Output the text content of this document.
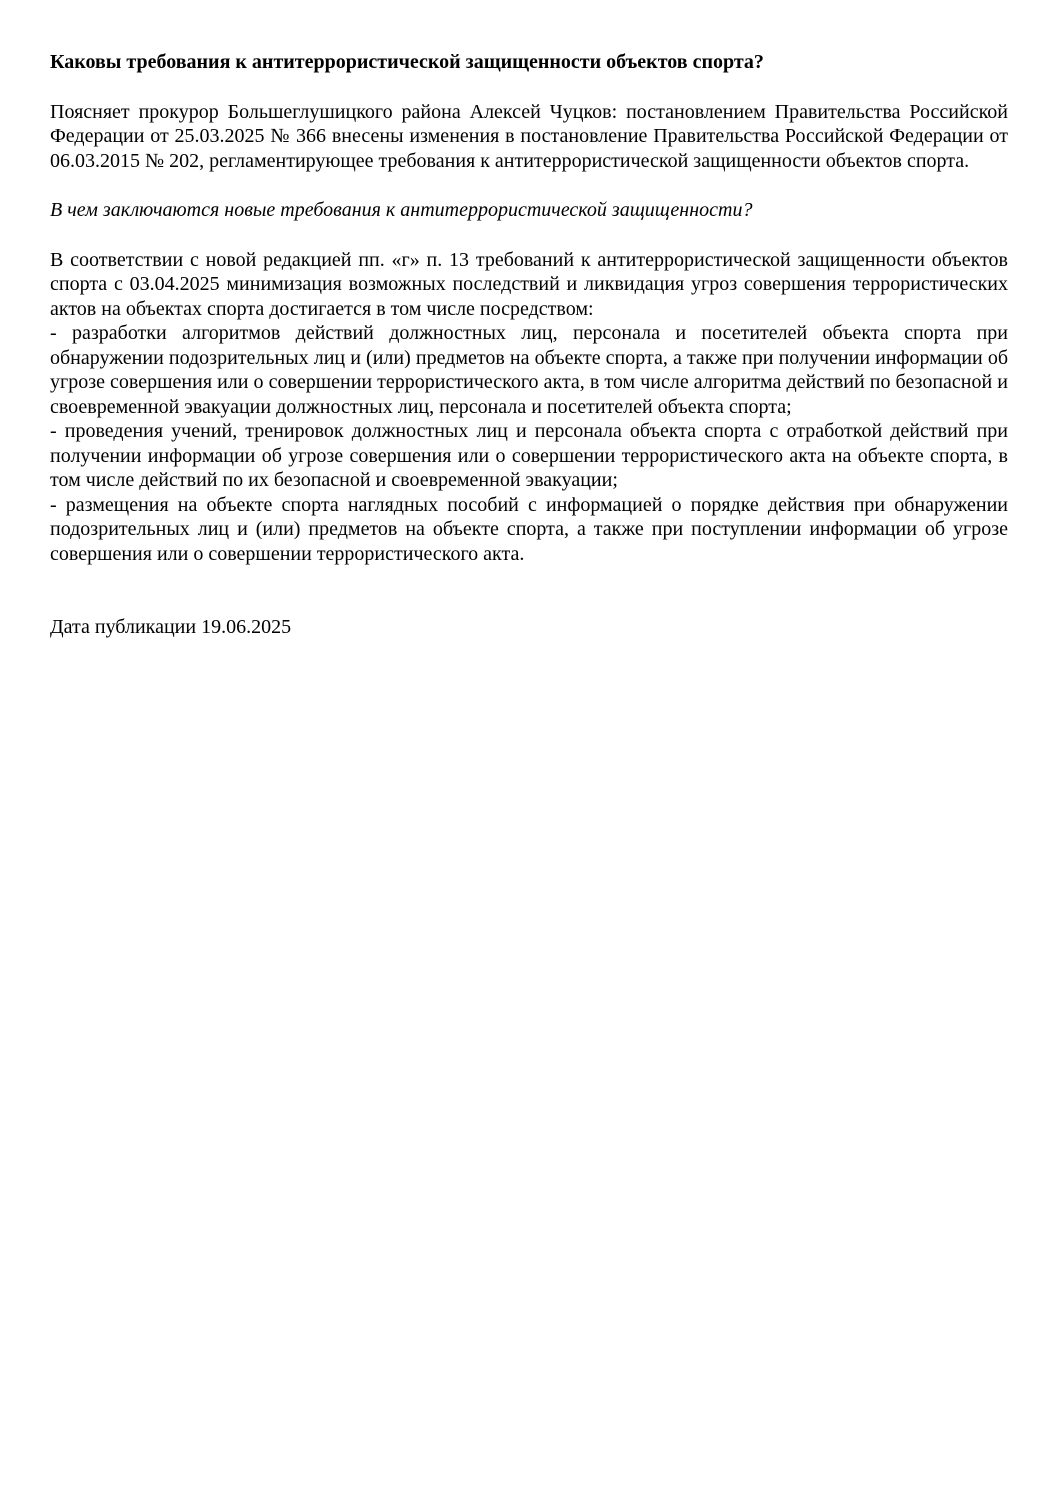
Каковы требования к антитеррористической защищенности объектов спорта?

Поясняет прокурор Большеглушицкого района Алексей Чуцков: постановлением Правительства Российской Федерации от 25.03.2025 № 366 внесены изменения в постановление Правительства Российской Федерации от 06.03.2015 № 202, регламентирующее требования к антитеррористической защищенности объектов спорта.

В чем заключаются новые требования к антитеррористической защищенности?

В соответствии с новой редакцией пп. «г» п. 13 требований к антитеррористической защищенности объектов спорта с 03.04.2025 минимизация возможных последствий и ликвидация угроз совершения террористических актов на объектах спорта достигается в том числе посредством:

- разработки алгоритмов действий должностных лиц, персонала и посетителей объекта спорта при обнаружении подозрительных лиц и (или) предметов на объекте спорта, а также при получении информации об угрозе совершения или о совершении террористического акта, в том числе алгоритма действий по безопасной и своевременной эвакуации должностных лиц, персонала и посетителей объекта спорта;

- проведения учений, тренировок должностных лиц и персонала объекта спорта с отработкой действий при получении информации об угрозе совершения или о совершении террористического акта на объекте спорта, в том числе действий по их безопасной и своевременной эвакуации;

- размещения на объекте спорта наглядных пособий с информацией о порядке действия при обнаружении подозрительных лиц и (или) предметов на объекте спорта, а также при поступлении информации об угрозе совершения или о совершении террористического акта.

Дата публикации 19.06.2025
